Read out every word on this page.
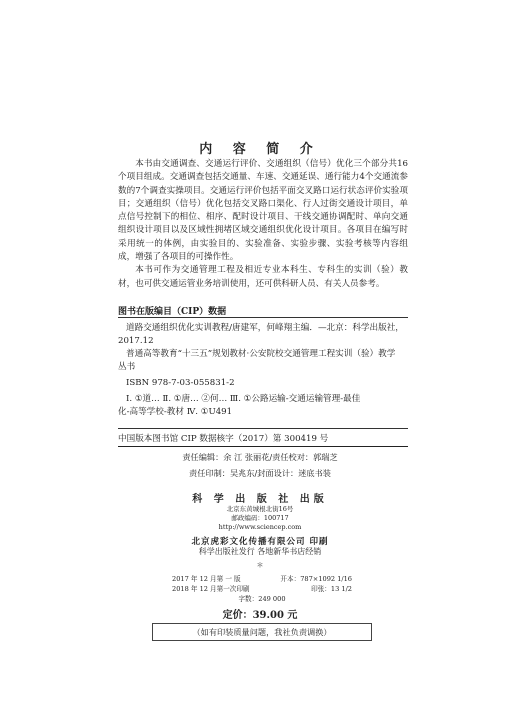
内 容 简 介

本书由交通调查、交通运行评价、交通组织（信号）优化三个部分共16个项目组成。交通调查包括交通量、车速、交通延误、通行能力4个交通流参数的7个调查实操项目。交通运行评价包括平面交叉路口运行状态评价实验项目；交通组织（信号）优化包括交叉路口渠化、行人过街交通设计项目，单点信号控制下的相位、相序、配时设计项目、干线交通协调配时、单向交通组织设计项目以及区域性拥堵区域交通组织优化设计项目。各项目在编写时采用统一的体例，由实验目的、实验准备、实验步骤、实验考核等内容组成，增强了各项目的可操作性。

本书可作为交通管理工程及相近专业本科生、专科生的实训（验）教材，也可供交通运管业务培训使用，还可供科研人员、有关人员参考。

图书在版编目（CIP）数据
道路交通组织优化实训教程/唐建军，何峰翔主编．—北京：科学出版社，
2017.12
普通高等教育“十三五”规划教材·公安院校交通管理工程实训（验）教学
丛书
ISBN 978-7-03-055831-2
Ⅰ. ①道… Ⅱ. ①唐… ②何… Ⅲ. ①公路运输-交通运输管理-最佳
化-高等学校-教材 Ⅳ. ①U491
中国版本图书馆 CIP 数据核字（2017）第 300419 号
责任编辑：余 江 张丽花/责任校对：郭瑞芝
责任印制：吴兆东/封面设计：迷底书装
科 学 出 版 社 出版
北京东黄城根北街16号
邮政编码：100717
http://www.sciencep.com
北京虎彩文化传播有限公司 印刷
科学出版社发行 各地新华书店经销
＊
2017 年 12 月第 一 版	开本：787×1092 1/16
2018 年 12 月第一次印刷	印张：13 1/2
字数：249 000
定价：39.00 元
（如有印装质量问题，我社负责调换）
